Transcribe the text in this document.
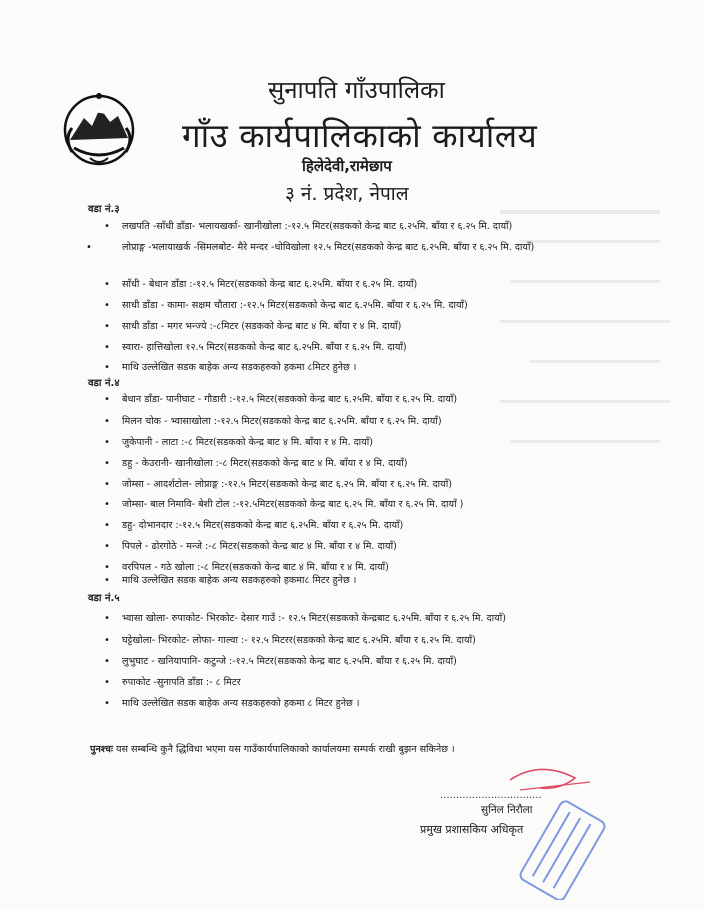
सुनापति गाँउपालिका
गाँउ कार्यपालिकाको कार्यालय
हिलेदेवी,रामेछाप
३ नं. प्रदेश, नेपाल
वडा नं.३
• लखपति -साँधी डाँडा- भलायखर्का- खानीखोला :-१२.५ मिटर(सडकको केन्द्र बाट ६.२५मि. बाँया र ६.२५ मि. दायाँ)
•	लोप्राङ्ग -भलायाखर्क -सिमलबोट- मैरे मन्दर -धोविखोला १२.५ मिटर(सडकको केन्द्र बाट ६.२५मि. बाँया र ६.२५ मि. दायाँ)
• साँधी - बेधान डाँडा :-१२.५ मिटर(सडकको केन्द्र बाट ६.२५मि. बाँया र ६.२५ मि. दायाँ)
• साधी डाँडा - कामा- सक्षम चौतारा :-१२.५ मिटर(सडकको केन्द्र बाट ६.२५मि. बाँया र ६.२५ मि. दायाँ)
• साधी डाँडा - मगर भन्ज्ये :-८मिटर (सडकको केन्द्र बाट ४ मि. बाँया र ४ मि. दायाँ)
• स्वारा- हात्तिखोला १२.५ मिटर(सडकको केन्द्र बाट ६.२५मि. बाँया र ६.२५ मि. दायाँ)
• माथि उल्लेखित सडक बाहेक अन्य सडकहरुको हकमा ८मिटर हुनेछ ।
वडा नं.४
• बेधान डाँडा- पानीघाट - गौडारी :-१२.५ मिटर(सडकको केन्द्र बाट ६.२५मि. बाँया र ६.२५ मि. दायाँ)
• मिलन चोक - भ्वासाखोला :-१२.५ मिटर(सडकको केन्द्र बाट ६.२५मि. बाँया र ६.२५ मि. दायाँ)
• जुकेपानी - लाटा :-८ मिटर(सडकको केन्द्र बाट ४ मि. बाँया र ४ मि. दायाँ)
• डहु - केउरानी- खानीखोला :-८ मिटर(सडकको केन्द्र बाट ४ मि. बाँया र ४ मि. दायाँ)
• जोम्सा - आदर्शटोल- लोप्राङ्ग :-१२.५ मिटर(सडकको केन्द्र बाट ६.२५ मि. बाँया र ६.२५ मि. दायाँ)
• जोम्सा- बाल निमावि- बेशी टोल :-१२.५मिटर(सडकको केन्द्र बाट ६.२५ मि. बाँया र ६.२५ मि. दायाँ )
• डहु- दोभानदार :-१२.५ मिटर(सडकको केन्द्र बाट ६.२५मि. बाँया र ६.२५ मि. दायाँ)
• पिपले - ढोरगोठे - मन्जे :-८ मिटर(सडकको केन्द्र बाट ४ मि. बाँया र ४ मि. दायाँ)
• वरपिपल - गठे खोला :-८ मिटर(सडकको केन्द्र बाट ४ मि. बाँया र ४ मि. दायाँ)
• माथि उल्लेखित सडक बाहेक अन्य सडकहरुको हकमा८ मिटर हुनेछ ।
वडा नं.५
• भ्वासा खोला- रुपाकोट- भिरकोट- देसार गाउँ :- १२.५ मिटर(सडकको केन्द्रबाट ६.२५मि. बाँया र ६.२५ मि. दायाँ)
• घट्टेखोला- भिरकोट- लोफा- गाल्वा :- १२.५ मिटरर(सडकको केन्द्र बाट ६.२५मि. बाँया र ६.२५ मि. दायाँ)
• लुभुघाट - खनियापानि- कटुन्जे :-१२.५ मिटर(सडकको केन्द्र बाट ६.२५मि. बाँया र ६.२५ मि. दायाँ)
• रुपाकोट -सुनापति डाँडा :- ८ मिटर
• माथि उल्लेखित सडक बाहेक अन्य सडकहरुको हकमा ८ मिटर हुनेछ ।
पुनश्चः यस सम्बन्धि कुनै द्धिविधा भएमा यस गाउँकार्यपालिकाको कार्यालयमा सम्पर्क राखी बुझन सकिनेछ ।
................................
सुनिल निरौला
प्रमुख प्रशासकिय अधिकृत
